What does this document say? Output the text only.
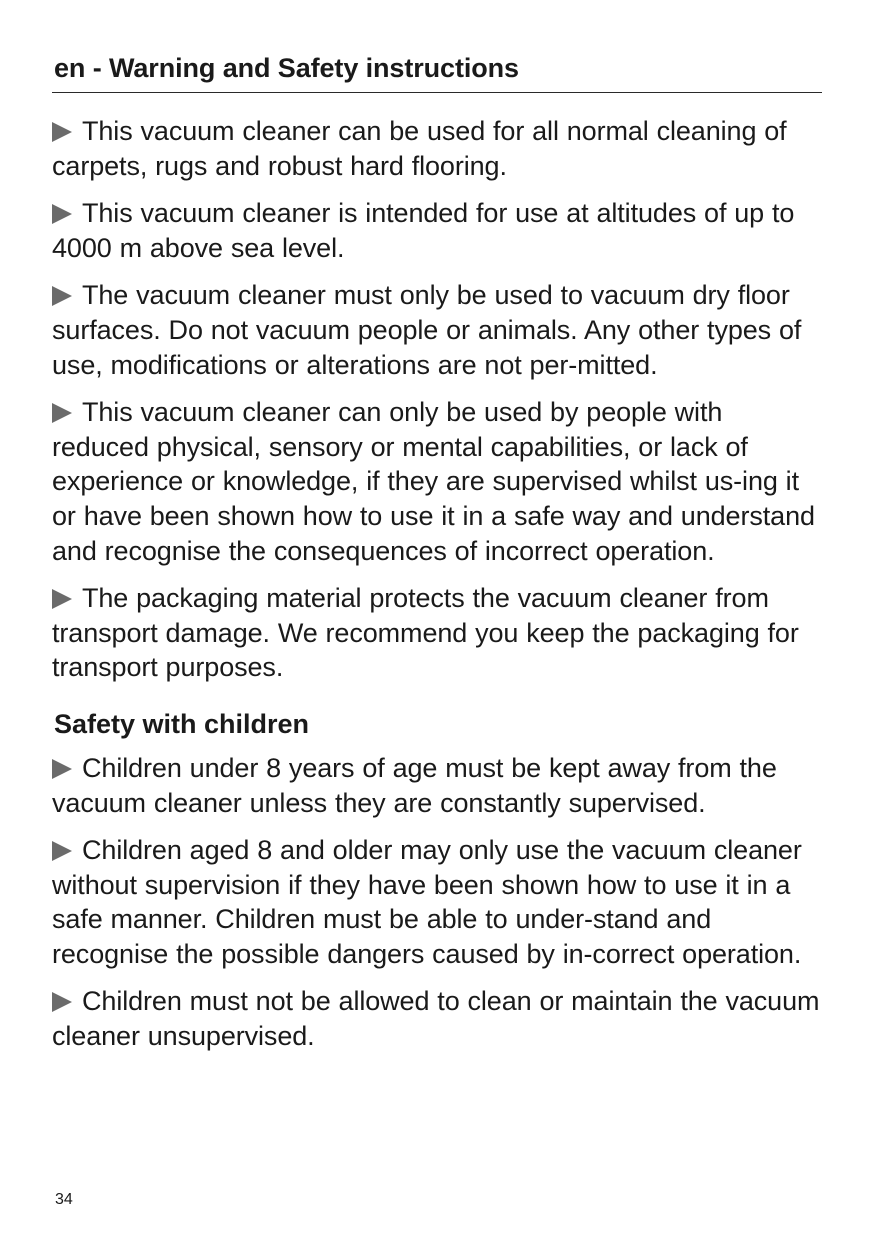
en - Warning and Safety instructions

This vacuum cleaner can be used for all normal cleaning of carpets, rugs and robust hard flooring.

This vacuum cleaner is intended for use at altitudes of up to 4000 m above sea level.

The vacuum cleaner must only be used to vacuum dry floor surfaces. Do not vacuum people or animals. Any other types of use, modifications or alterations are not per-mitted.

This vacuum cleaner can only be used by people with reduced physical, sensory or mental capabilities, or lack of experience or knowledge, if they are supervised whilst us-ing it or have been shown how to use it in a safe way and understand and recognise the consequences of incorrect operation.

The packaging material protects the vacuum cleaner from transport damage. We recommend you keep the packaging for transport purposes.

Safety with children

Children under 8 years of age must be kept away from the vacuum cleaner unless they are constantly supervised.

Children aged 8 and older may only use the vacuum cleaner without supervision if they have been shown how to use it in a safe manner. Children must be able to under-stand and recognise the possible dangers caused by in-correct operation.

Children must not be allowed to clean or maintain the vacuum cleaner unsupervised.

34
